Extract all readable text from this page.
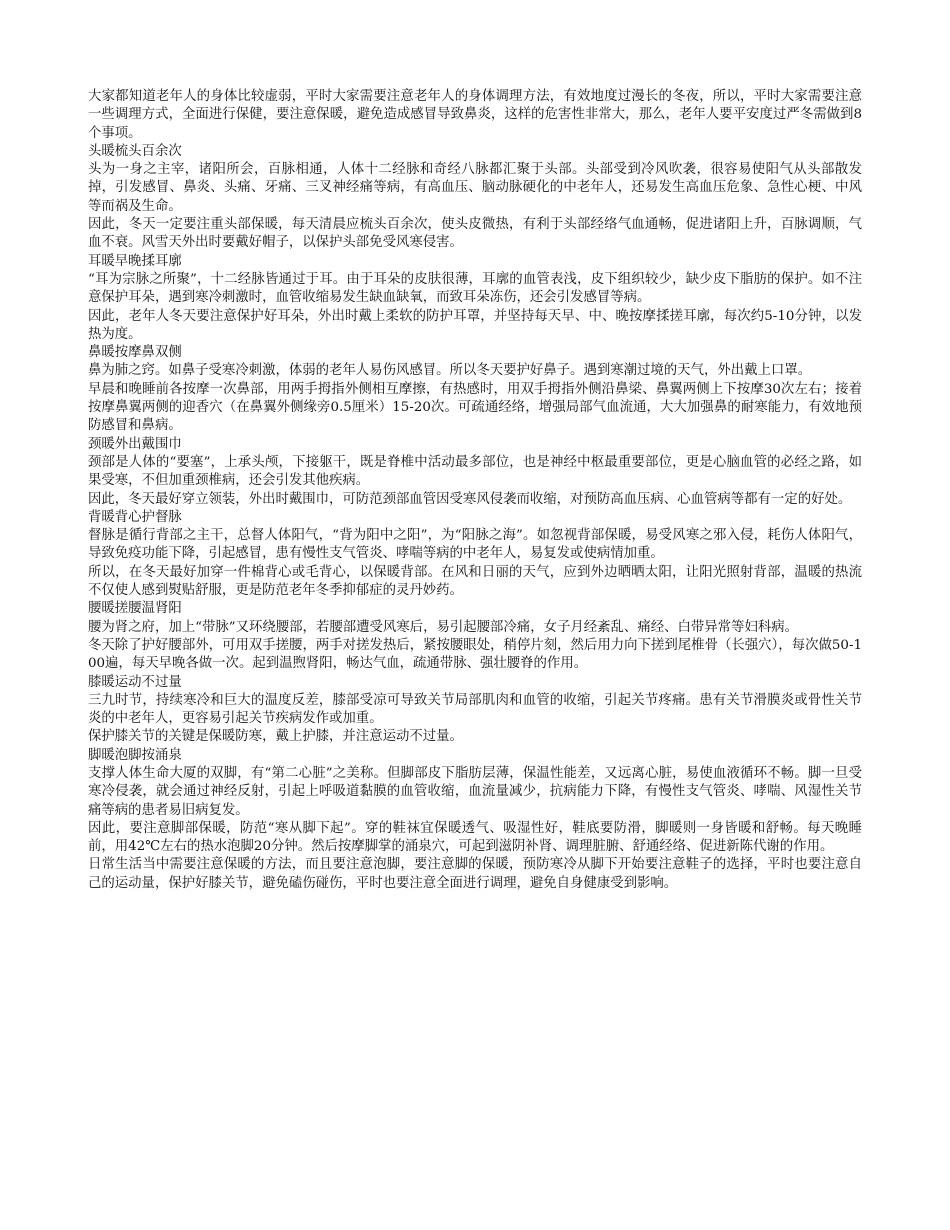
大家都知道老年人的身体比较虚弱，平时大家需要注意老年人的身体调理方法，有效地度过漫长的冬夜，所以，平时大家需要注意一些调理方式，全面进行保健，要注意保暖，避免造成感冒导致鼻炎，这样的危害性非常大，那么，老年人要平安度过严冬需做到8个事项。

头暖梳头百余次

头为一身之主宰，诸阳所会，百脉相通，人体十二经脉和奇经八脉都汇聚于头部。头部受到冷风吹袭，很容易使阳气从头部散发掉，引发感冒、鼻炎、头痛、牙痛、三叉神经痛等病，有高血压、脑动脉硬化的中老年人，还易发生高血压危象、急性心梗、中风等而祸及生命。

因此，冬天一定要注重头部保暖，每天清晨应梳头百余次，使头皮微热，有利于头部经络气血通畅，促进诸阳上升，百脉调顺，气血不衰。风雪天外出时要戴好帽子，以保护头部免受风寒侵害。

耳暖早晚揉耳廓

“耳为宗脉之所聚”，十二经脉皆通过于耳。由于耳朵的皮肤很薄，耳廓的血管表浅，皮下组织较少，缺少皮下脂肪的保护。如不注意保护耳朵，遇到寒冷刺激时，血管收缩易发生缺血缺氧，而致耳朵冻伤，还会引发感冒等病。

因此，老年人冬天要注意保护好耳朵，外出时戴上柔软的防护耳罩，并坚持每天早、中、晚按摩揉搓耳廓，每次约5-10分钟，以发热为度。

鼻暖按摩鼻双侧

鼻为肺之窍。如鼻子受寒冷刺激，体弱的老年人易伤风感冒。所以冬天要护好鼻子。遇到寒潮过境的天气，外出戴上口罩。

早晨和晚睡前各按摩一次鼻部，用两手拇指外侧相互摩擦，有热感时，用双手拇指外侧沿鼻梁、鼻翼两侧上下按摩30次左右；接着按摩鼻翼两侧的迎香穴（在鼻翼外侧缘旁0.5厘米）15-20次。可疏通经络，增强局部气血流通，大大加强鼻的耐寒能力，有效地预防感冒和鼻病。

颈暖外出戴围巾

颈部是人体的“要塞”，上承头颅，下接躯干，既是脊椎中活动最多部位，也是神经中枢最重要部位，更是心脑血管的必经之路，如果受寒，不但加重颈椎病，还会引发其他疾病。

因此，冬天最好穿立领装，外出时戴围巾，可防范颈部血管因受寒风侵袭而收缩，对预防高血压病、心血管病等都有一定的好处。

背暖背心护督脉

督脉是循行背部之主干，总督人体阳气，“背为阳中之阳”，为“阳脉之海”。如忽视背部保暖，易受风寒之邪入侵，耗伤人体阳气，导致免疫功能下降，引起感冒，患有慢性支气管炎、哮喘等病的中老年人，易复发或使病情加重。

所以，在冬天最好加穿一件棉背心或毛背心，以保暖背部。在风和日丽的天气，应到外边晒晒太阳，让阳光照射背部，温暖的热流不仅使人感到熨贴舒服，更是防范老年冬季抑郁症的灵丹妙药。

腰暖搓腰温肾阳

腰为肾之府，加上“带脉”又环绕腰部，若腰部遭受风寒后，易引起腰部冷痛，女子月经紊乱、痛经、白带异常等妇科病。

冬天除了护好腰部外，可用双手搓腰，两手对搓发热后，紧按腰眼处，稍停片刻，然后用力向下搓到尾椎骨（长强穴），每次做50-100遍，每天早晚各做一次。起到温煦肾阳，畅达气血，疏通带脉、强壮腰脊的作用。

膝暖运动不过量

三九时节，持续寒冷和巨大的温度反差，膝部受凉可导致关节局部肌肉和血管的收缩，引起关节疼痛。患有关节滑膜炎或骨性关节炎的中老年人，更容易引起关节疾病发作或加重。

保护膝关节的关键是保暖防寒，戴上护膝，并注意运动不过量。

脚暖泡脚按涌泉

支撑人体生命大厦的双脚，有“第二心脏”之美称。但脚部皮下脂肪层薄，保温性能差，又远离心脏，易使血液循环不畅。脚一旦受寒冷侵袭，就会通过神经反射，引起上呼吸道黏膜的血管收缩，血流量减少，抗病能力下降，有慢性支气管炎、哮喘、风湿性关节痛等病的患者易旧病复发。

因此，要注意脚部保暖，防范“寒从脚下起”。穿的鞋袜宜保暖透气、吸湿性好，鞋底要防滑，脚暖则一身皆暖和舒畅。每天晚睡前，用42℃左右的热水泡脚20分钟。然后按摩脚掌的涌泉穴，可起到滋阴补肾、调理脏腑、舒通经络、促进新陈代谢的作用。

日常生活当中需要注意保暖的方法，而且要注意泡脚，要注意脚的保暖，预防寒冷从脚下开始要注意鞋子的选择，平时也要注意自己的运动量，保护好膝关节，避免磕伤碰伤，平时也要注意全面进行调理，避免自身健康受到影响。
